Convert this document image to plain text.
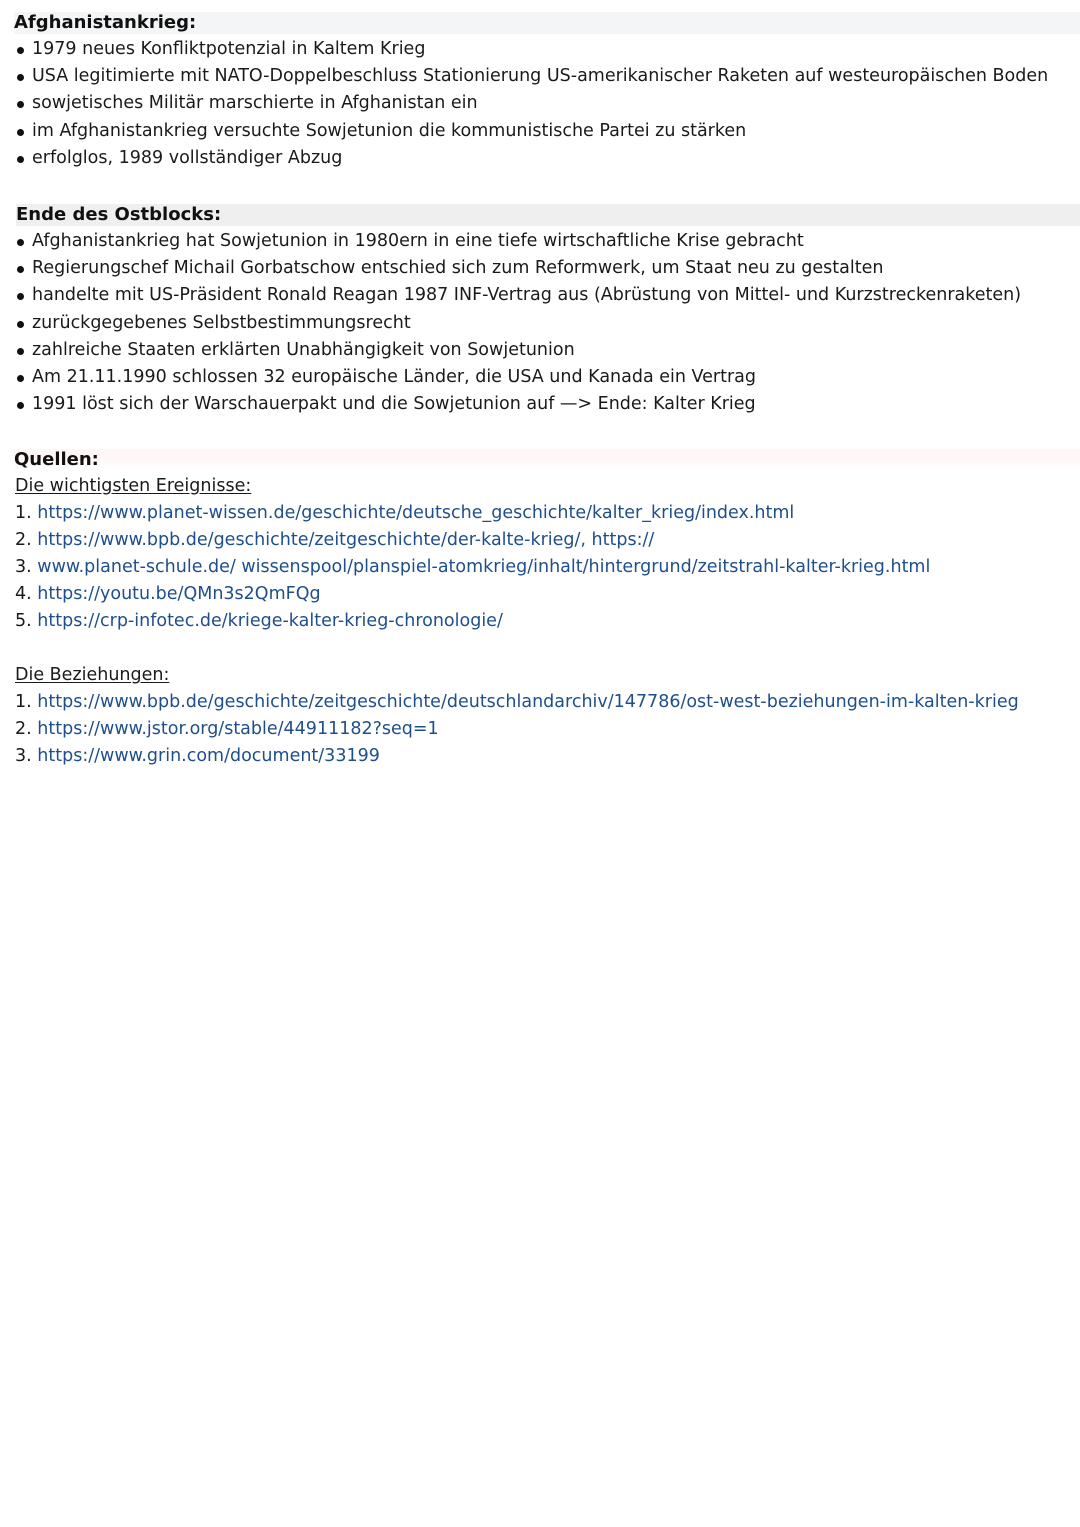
Afghanistankrieg:
1979 neues Konfliktpotenzial in Kaltem Krieg
USA legitimierte mit NATO-Doppelbeschluss Stationierung US-amerikanischer Raketen auf westeuropäischen Boden
sowjetisches Militär marschierte in Afghanistan ein
im Afghanistankrieg versuchte Sowjetunion die kommunistische Partei zu stärken
erfolglos, 1989 vollständiger Abzug
Ende des Ostblocks:
Afghanistankrieg hat Sowjetunion in 1980ern in eine tiefe wirtschaftliche Krise gebracht
Regierungschef Michail Gorbatschow entschied sich zum Reformwerk, um Staat neu zu gestalten
handelte mit US-Präsident Ronald Reagan 1987 INF-Vertrag aus (Abrüstung von Mittel- und Kurzstreckenraketen)
zurückgegebenes Selbstbestimmungsrecht
zahlreiche Staaten erklärten Unabhängigkeit von Sowjetunion
Am 21.11.1990 schlossen 32 europäische Länder, die USA und Kanada ein Vertrag
1991 löst sich der Warschauerpakt und die Sowjetunion auf —> Ende: Kalter Krieg
Quellen:
Die wichtigsten Ereignisse:
1. https://www.planet-wissen.de/geschichte/deutsche_geschichte/kalter_krieg/index.html
2. https://www.bpb.de/geschichte/zeitgeschichte/der-kalte-krieg/, https://
3. www.planet-schule.de/ wissenspool/planspiel-atomkrieg/inhalt/hintergrund/zeitstrahl-kalter-krieg.html
4. https://youtu.be/QMn3s2QmFQg
5. https://crp-infotec.de/kriege-kalter-krieg-chronologie/
Die Beziehungen:
1. https://www.bpb.de/geschichte/zeitgeschichte/deutschlandarchiv/147786/ost-west-beziehungen-im-kalten-krieg
2. https://www.jstor.org/stable/44911182?seq=1
3. https://www.grin.com/document/33199
